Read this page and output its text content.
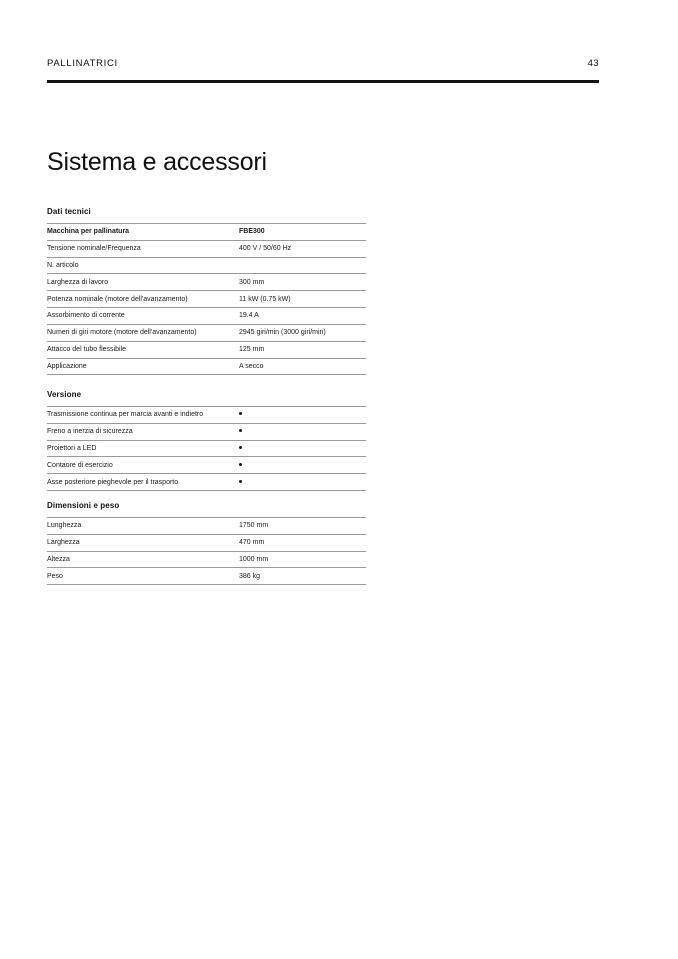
PALLINATRICI	43
Sistema e accessori
Dati tecnici
Macchina per pallinatura	FBE300
Tensione nominale/Frequenza	400 V / 50/60 Hz
N. articolo	
Larghezza di lavoro	300 mm
Potenza nominale (motore dell'avanzamento)	11 kW (0.75 kW)
Assorbimento di corrente	19.4 A
Numeri di giri motore (motore dell'avanzamento)	2945 giri/min (3000 giri/min)
Attacco del tubo flessibile	125 mm
Applicazione	A secco
Versione
Trasmissione continua per marcia avanti e indietro	
Freno a inerzia di sicurezza	
Proiettori a LED	
Contaore di esercizio	
Asse posteriore pieghevole per il trasporto	
Dimensioni e peso
Lunghezza	1750 mm
Larghezza	470 mm
Altezza	1000 mm
Peso	386 kg
